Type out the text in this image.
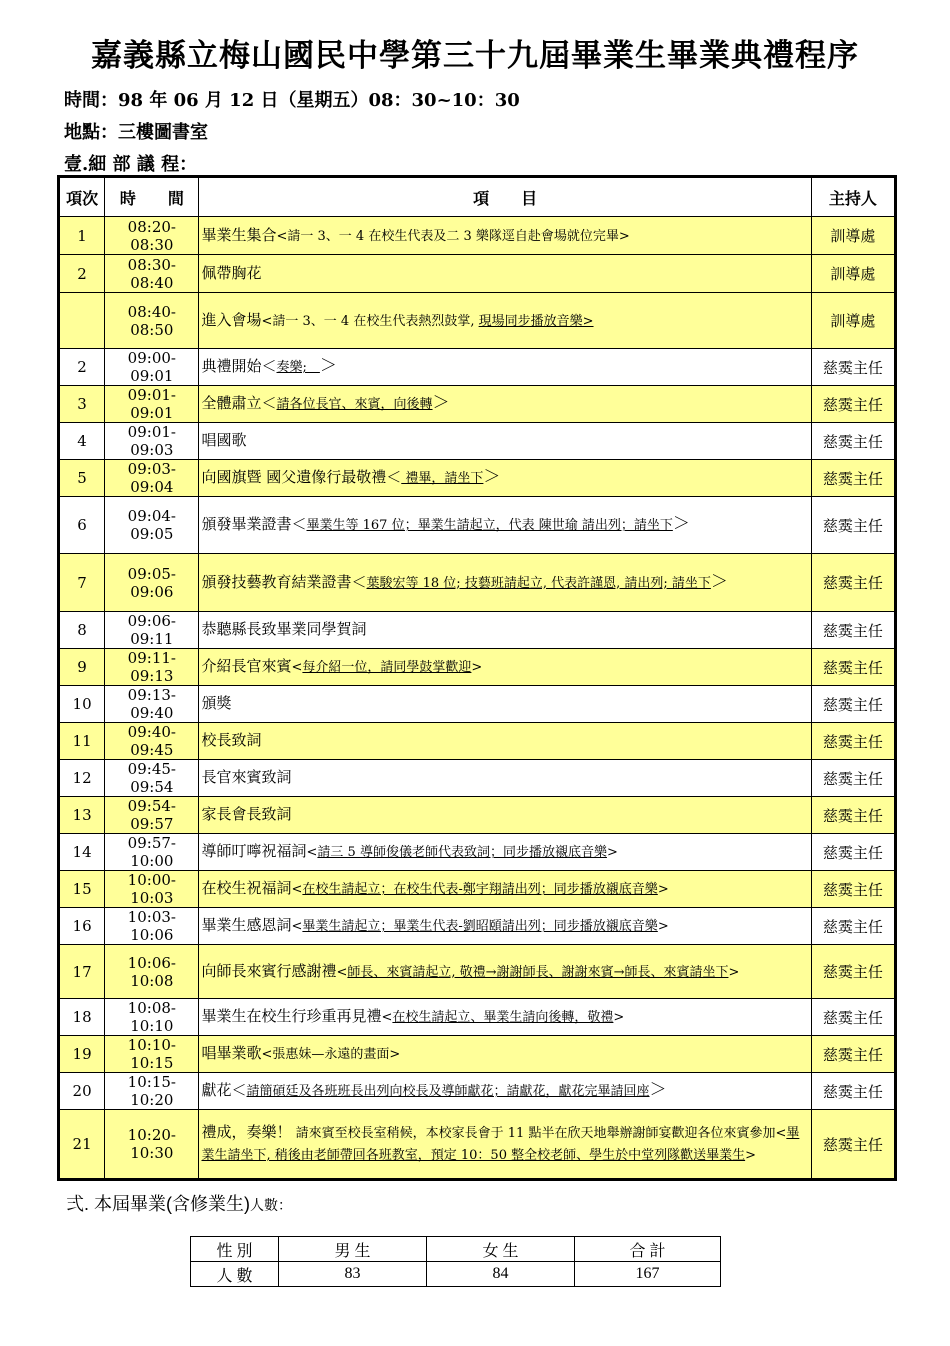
嘉義縣立梅山國民中學第三十九屆畢業生畢業典禮程序
時間：98 年 06 月 12 日（星期五）08：30~10：30
地點：三樓圖書室
壹.細 部 議 程：
項次	時　　間	項　　目	主持人
1	08:20-08:30	畢業生集合<請一 3、一 4 在校生代表及二 3 樂隊逕自赴會場就位完畢>	訓導處
2	08:30-08:40	佩帶胸花	訓導處
	08:40-08:50	進入會場<請一 3、一 4 在校生代表熱烈鼓掌, 現場同步播放音樂>	訓導處
2	09:00-09:01	典禮開始＜奏樂;　＞	慈霙主任
3	09:01-09:01	全體肅立＜請各位長官、來賓，向後轉＞	慈霙主任
4	09:01-09:03	唱國歌	慈霙主任
5	09:03-09:04	向國旗暨 國父遺像行最敬禮＜ 禮畢，請坐下＞	慈霙主任
6	09:04-09:05	頒發畢業證書＜畢業生等 167 位；畢業生請起立，代表 陳世瑜 請出列；請坐下＞	慈霙主任
7	09:05-09:06	頒發技藝教育結業證書＜葉駿宏等 18 位; 技藝班請起立, 代表許謹恩, 請出列; 請坐下＞	慈霙主任
8	09:06-09:11	恭聽縣長致畢業同學賀詞	慈霙主任
9	09:11-09:13	介紹長官來賓<每介紹一位，請同學鼓掌歡迎>	慈霙主任
10	09:13-09:40	頒獎	慈霙主任
11	09:40-09:45	校長致詞	慈霙主任
12	09:45-09:54	長官來賓致詞	慈霙主任
13	09:54-09:57	家長會長致詞	慈霙主任
14	09:57-10:00	導師叮嚀祝福詞<請三 5 導師俊儀老師代表致詞；同步播放襯底音樂>	慈霙主任
15	10:00-10:03	在校生祝福詞<在校生請起立；在校生代表-鄭宇翔請出列；同步播放襯底音樂>	慈霙主任
16	10:03-10:06	畢業生感恩詞<畢業生請起立；畢業生代表-劉昭頤請出列；同步播放襯底音樂>	慈霙主任
17	10:06-10:08	向師長來賓行感謝禮<師長、來賓請起立, 敬禮→謝謝師長、謝謝來賓→師長、來賓請坐下>	慈霙主任
18	10:08-10:10	畢業生在校生行珍重再見禮<在校生請起立、畢業生請向後轉，敬禮>	慈霙主任
19	10:10-10:15	唱畢業歌<張惠妹—永遠的畫面>	慈霙主任
20	10:15-10:20	獻花＜請簡碩廷及各班班長出列向校長及導師獻花；請獻花，獻花完畢請回座＞	慈霙主任
21	10:20-10:30	禮成，奏樂！ 請來賓至校長室稍候，本校家長會于 11 點半在欣天地舉辦謝師宴歡迎各位來賓參加<畢業生請坐下, 稍後由老師帶回各班教室，預定 10：50 整全校老師、學生於中堂列隊歡送畢業生>	慈霙主任
弍. 本屆畢業(含修業生)人數：
性 別	男 生	女 生	合 計
人 數	83	84	167
